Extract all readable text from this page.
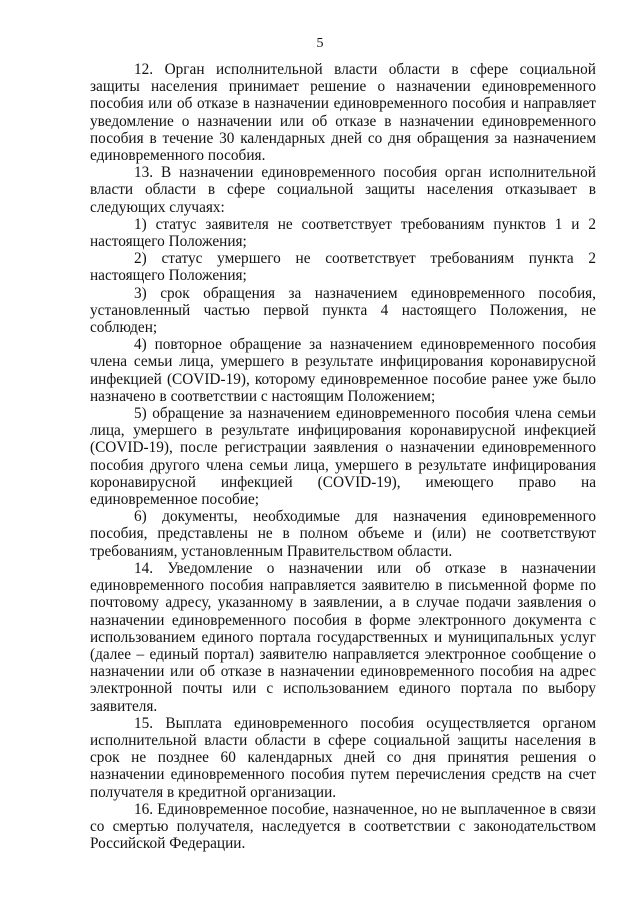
5

12. Орган исполнительной власти области в сфере социальной защиты населения принимает решение о назначении единовременного пособия или об отказе в назначении единовременного пособия и направляет уведомление о назначении или об отказе в назначении единовременного пособия в течение 30 календарных дней со дня обращения за назначением единовременного пособия.

13. В назначении единовременного пособия орган исполнительной власти области в сфере социальной защиты населения отказывает в следующих случаях:

1) статус заявителя не соответствует требованиям пунктов 1 и 2 настоящего Положения;

2) статус умершего не соответствует требованиям пункта 2 настоящего Положения;

3) срок обращения за назначением единовременного пособия, установленный частью первой пункта 4 настоящего Положения, не соблюден;

4) повторное обращение за назначением единовременного пособия члена семьи лица, умершего в результате инфицирования коронавирусной инфекцией (COVID-19), которому единовременное пособие ранее уже было назначено в соответствии с настоящим Положением;

5) обращение за назначением единовременного пособия члена семьи лица, умершего в результате инфицирования коронавирусной инфекцией (COVID-19), после регистрации заявления о назначении единовременного пособия другого члена семьи лица, умершего в результате инфицирования коронавирусной инфекцией (COVID-19), имеющего право на единовременное пособие;

6) документы, необходимые для назначения единовременного пособия, представлены не в полном объеме и (или) не соответствуют требованиям, установленным Правительством области.

14. Уведомление о назначении или об отказе в назначении единовременного пособия направляется заявителю в письменной форме по почтовому адресу, указанному в заявлении, а в случае подачи заявления о назначении единовременного пособия в форме электронного документа с использованием единого портала государственных и муниципальных услуг (далее – единый портал) заявителю направляется электронное сообщение о назначении или об отказе в назначении единовременного пособия на адрес электронной почты или с использованием единого портала по выбору заявителя.

15. Выплата единовременного пособия осуществляется органом исполнительной власти области в сфере социальной защиты населения в срок не позднее 60 календарных дней со дня принятия решения о назначении единовременного пособия путем перечисления средств на счет получателя в кредитной организации.

16. Единовременное пособие, назначенное, но не выплаченное в связи со смертью получателя, наследуется в соответствии с законодательством Российской Федерации.
